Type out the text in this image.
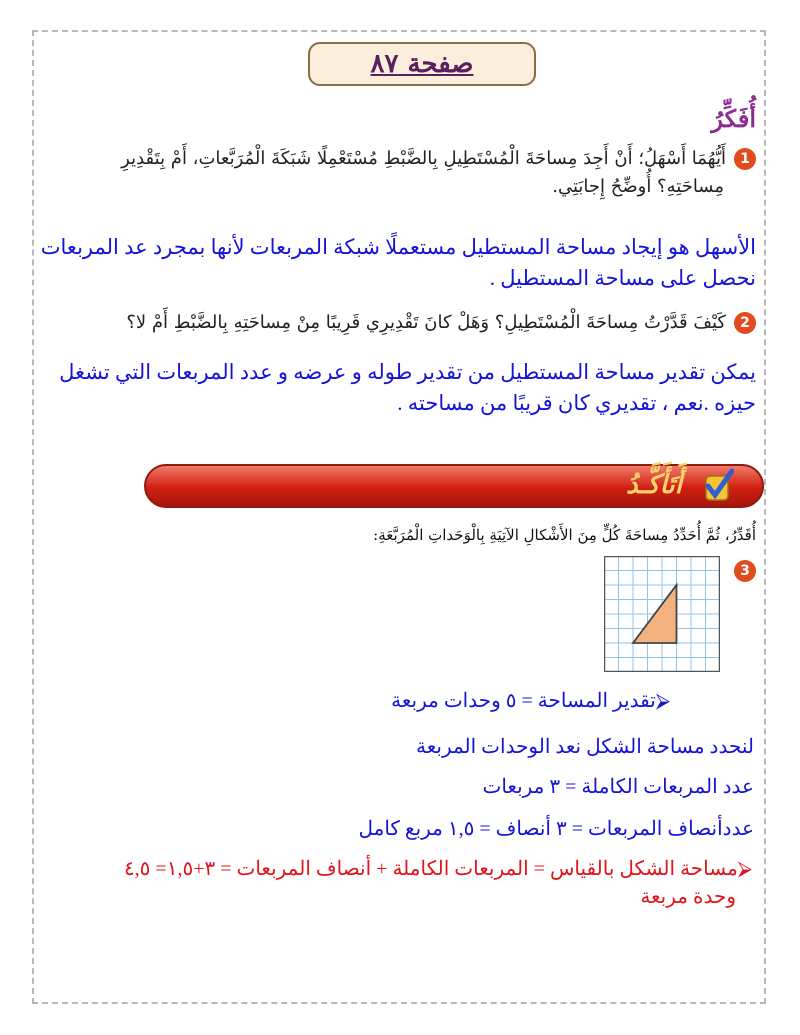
صفحة ٨٧
أُفَكِّرُ
1أَيُّهُمَا أَسْهَلُ؛ أَنْ أَجِدَ مِساحَةَ الْمُسْتَطِيلِ بِالضَّبْطِ مُسْتَعْمِلًا شَبَكَةَ الْمُرَبَّعاتِ، أَمْ بِتَقْدِيرِ
مِساحَتِهِ؟ أُوضِّحُ إِجابَتِي.
الأسهل هو إيجاد مساحة المستطيل مستعملًا شبكة المربعات لأنها بمجرد عد المربعات
نحصل على مساحة المستطيل .
2كَيْفَ قَدَّرْتُ مِساحَةَ الْمُسْتَطِيلِ؟ وَهَلْ كانَ تَقْدِيرِي قَرِيبًا مِنْ مِساحَتِهِ بِالضَّبْطِ أَمْ لا؟
يمكن تقدير مساحة المستطيل من تقدير طوله و عرضه و عدد المربعات التي تشغل
حيزه .نعم ، تقديري كان قريبًا من مساحته .
أَتَأَكَّـدُ
أُقَدِّرُ، ثُمَّ أُحَدِّدُ مِساحَةَ كُلٍّ مِنَ الأَشْكالِ الآتِيَةِ بِالْوَحَداتِ الْمُرَبَّعَةِ:
3
⮚تقدير المساحة = ٥ وحدات مربعة
لنحدد مساحة الشكل نعد الوحدات المربعة
عدد المربعات الكاملة = ٣ مربعات
عددأنصاف المربعات = ٣ أنصاف = ١,٥ مربع كامل
⮚مساحة الشكل بالقياس = المربعات الكاملة + أنصاف المربعات = ٣+١,٥= ٤,٥
وحدة مربعة
